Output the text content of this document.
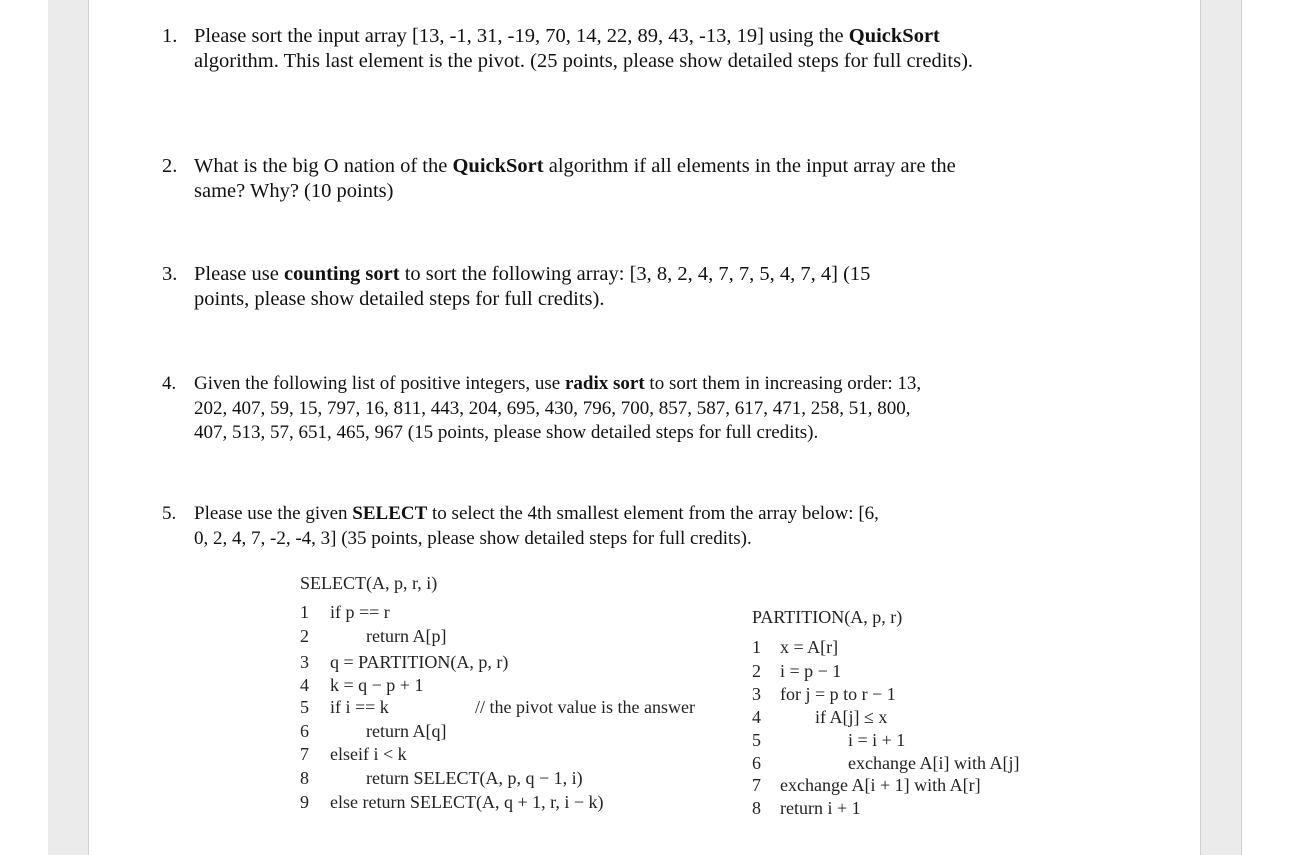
1. Please sort the input array [13, -1, 31, -19, 70, 14, 22, 89, 43, -13, 19] using the QuickSort algorithm. This last element is the pivot. (25 points, please show detailed steps for full credits).
2. What is the big O nation of the QuickSort algorithm if all elements in the input array are the same? Why? (10 points)
3. Please use counting sort to sort the following array: [3, 8, 2, 4, 7, 7, 5, 4, 7, 4] (15 points, please show detailed steps for full credits).
4. Given the following list of positive integers, use radix sort to sort them in increasing order: 13, 202, 407, 59, 15, 797, 16, 811, 443, 204, 695, 430, 796, 700, 857, 587, 617, 471, 258, 51, 800, 407, 513, 57, 651, 465, 967 (15 points, please show detailed steps for full credits).
5. Please use the given SELECT to select the 4th smallest element from the array below: [6, 0, 2, 4, 7, -2, -4, 3] (35 points, please show detailed steps for full credits).
SELECT(A, p, r, i)
1 if p == r
2	return A[p]
3 q = PARTITION(A, p, r)
4 k = q − p + 1
5 if i == k	// the pivot value is the answer
6	return A[q]
7 elseif i < k
8	return SELECT(A, p, q − 1, i)
9 else return SELECT(A, q + 1, r, i − k)
PARTITION(A, p, r)
1 x = A[r]
2 i = p − 1
3 for j = p to r − 1
4	if A[j] ≤ x
5	i = i + 1
6	exchange A[i] with A[j]
7 exchange A[i + 1] with A[r]
8 return i + 1
